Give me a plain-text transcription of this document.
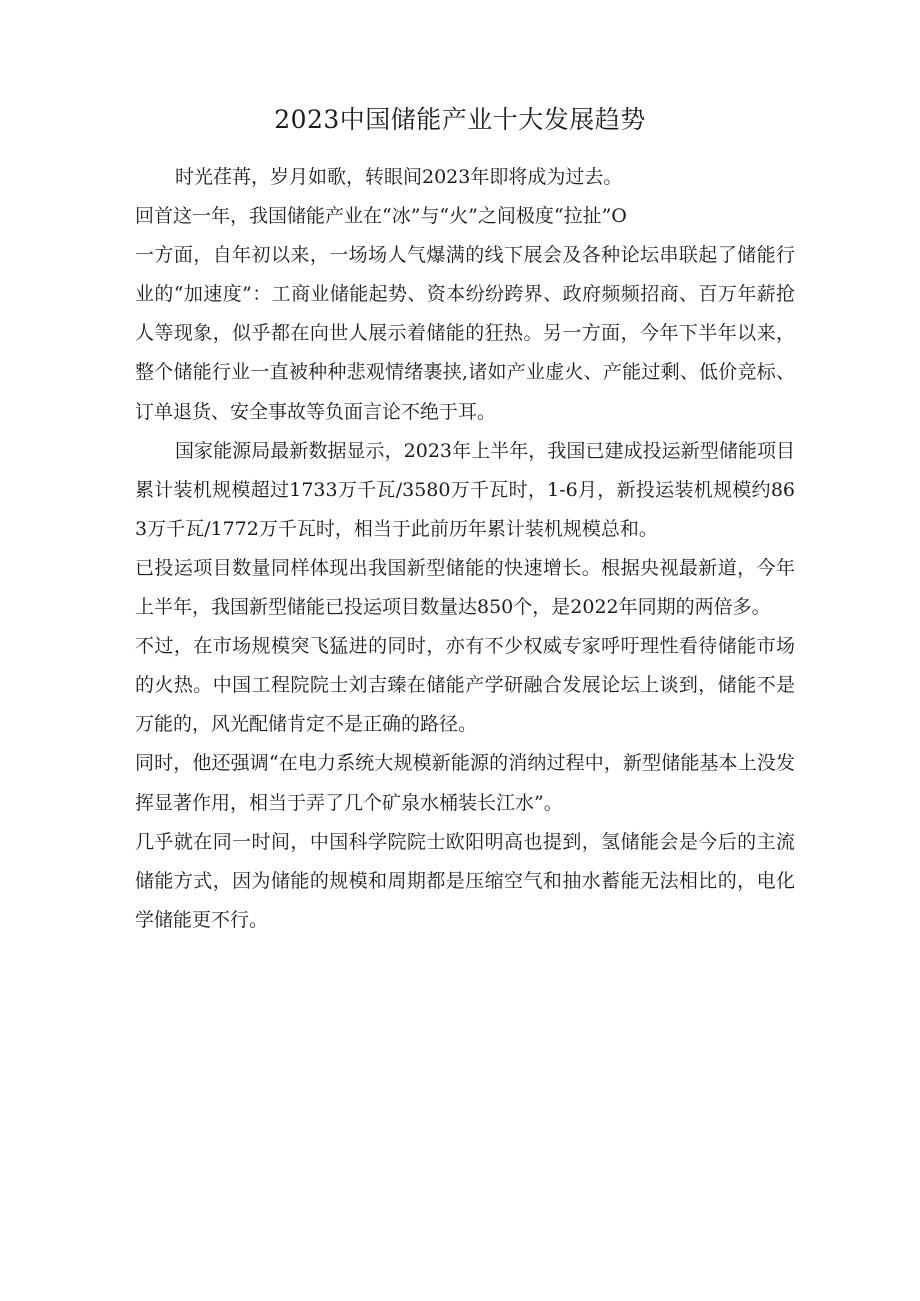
2023中国储能产业十大发展趋势

时光荏苒，岁月如歌，转眼间2023年即将成为过去。

回首这一年，我国储能产业在“冰”与“火”之间极度“拉扯”O

一方面，自年初以来，一场场人气爆满的线下展会及各种论坛串联起了储能行业的“加速度”：工商业储能起势、资本纷纷跨界、政府频频招商、百万年薪抢人等现象，似乎都在向世人展示着储能的狂热。另一方面，今年下半年以来，整个储能行业一直被种种悲观情绪裹挟,诸如产业虚火、产能过剩、低价竞标、订单退货、安全事故等负面言论不绝于耳。

国家能源局最新数据显示，2023年上半年，我国已建成投运新型储能项目累计装机规模超过1733万千瓦/3580万千瓦时，1-6月，新投运装机规模约863万千瓦/1772万千瓦时，相当于此前历年累计装机规模总和。

已投运项目数量同样体现出我国新型储能的快速增长。根据央视最新道，今年上半年，我国新型储能已投运项目数量达850个，是2022年同期的两倍多。

不过，在市场规模突飞猛进的同时，亦有不少权威专家呼吁理性看待储能市场的火热。中国工程院院士刘吉臻在储能产学研融合发展论坛上谈到，储能不是万能的，风光配储肯定不是正确的路径。

同时，他还强调“在电力系统大规模新能源的消纳过程中，新型储能基本上没发挥显著作用，相当于弄了几个矿泉水桶装长江水”。

几乎就在同一时间，中国科学院院士欧阳明高也提到，氢储能会是今后的主流储能方式，因为储能的规模和周期都是压缩空气和抽水蓄能无法相比的，电化学储能更不行。
